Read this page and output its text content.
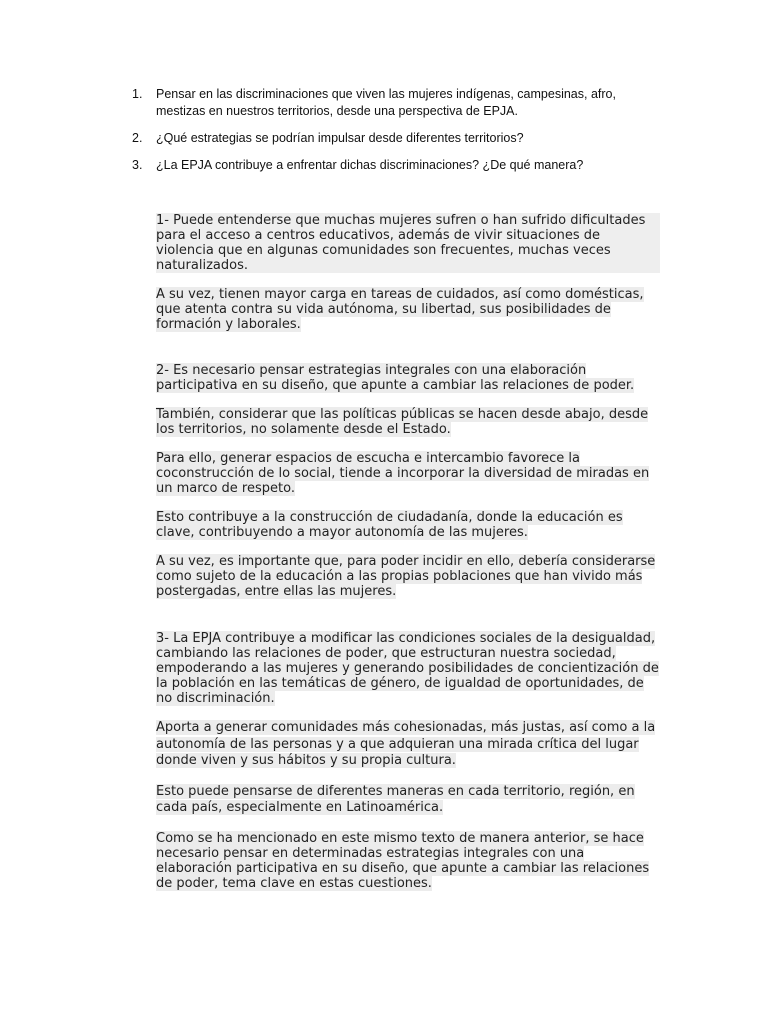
1.	Pensar en las discriminaciones que viven las mujeres indígenas, campesinas, afro, mestizas en nuestros territorios, desde una perspectiva de EPJA.
2.	¿Qué estrategias se podrían impulsar desde diferentes territorios?
3.	¿La EPJA contribuye a enfrentar dichas discriminaciones? ¿De qué manera?

1- Puede entenderse que muchas mujeres sufren o han sufrido dificultades para el acceso a centros educativos, además de vivir situaciones de violencia que en algunas comunidades son frecuentes, muchas veces naturalizados.

A su vez, tienen mayor carga en tareas de cuidados, así como domésticas, que atenta contra su vida autónoma, su libertad, sus posibilidades de formación y laborales.

2- Es necesario pensar estrategias integrales con una elaboración participativa en su diseño, que apunte a cambiar las relaciones de poder.

También, considerar que las políticas públicas se hacen desde abajo, desde los territorios, no solamente desde el Estado.

Para ello, generar espacios de escucha e intercambio favorece la coconstrucción de lo social, tiende a incorporar la diversidad de miradas en un marco de respeto.

Esto contribuye a la construcción de ciudadanía, donde la educación es clave, contribuyendo a mayor autonomía de las mujeres.

A su vez, es importante que, para poder incidir en ello, debería considerarse como sujeto de la educación a las propias poblaciones que han vivido más postergadas, entre ellas las mujeres.

3- La EPJA contribuye a modificar las condiciones sociales de la desigualdad, cambiando las relaciones de poder, que estructuran nuestra sociedad, empoderando a las mujeres y generando posibilidades de concientización de la población en las temáticas de género, de igualdad de oportunidades, de no discriminación.

Aporta a generar comunidades más cohesionadas, más justas, así como a la autonomía de las personas y a que adquieran una mirada crítica del lugar donde viven y sus hábitos y su propia cultura.

Esto puede pensarse de diferentes maneras en cada territorio, región, en cada país, especialmente en Latinoamérica.

Como se ha mencionado en este mismo texto de manera anterior, se hace necesario pensar en determinadas estrategias integrales con una elaboración participativa en su diseño, que apunte a cambiar las relaciones de poder, tema clave en estas cuestiones.
